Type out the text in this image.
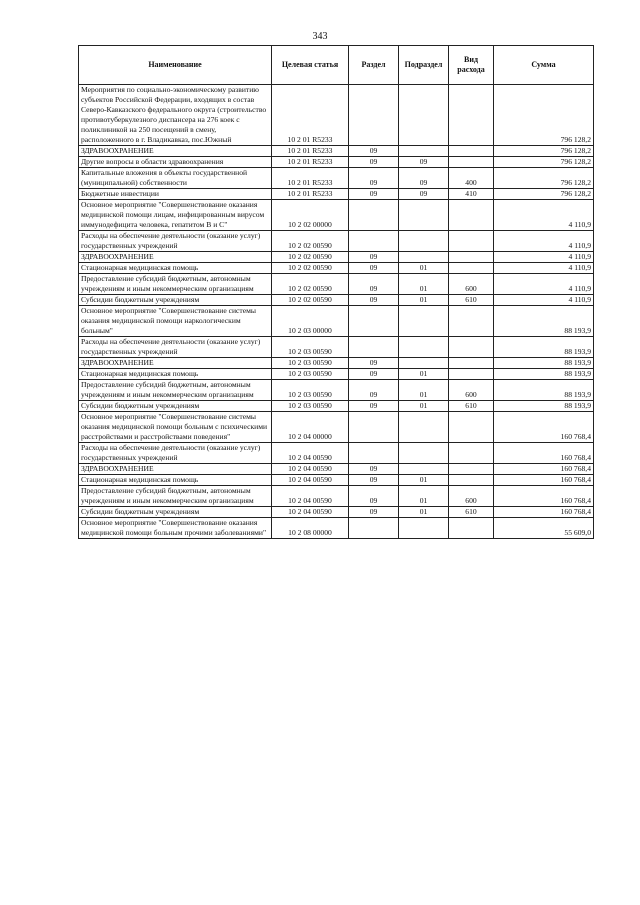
343
Наименование	Целевая статья	Раздел	Подраздел	Вид расхода	Сумма
Мероприятия по социально-экономическому развитию субъектов Российской Федерации, входящих в состав Северо-Кавказского федерального округа (строительство противотуберкулезного диспансера на 276 коек с поликлиникой на 250 посещений в смену, расположенного в г. Владикавказ, пос.Южный	10 2 01 R5233				796 128,2
ЗДРАВООХРАНЕНИЕ	10 2 01 R5233	09			796 128,2
Другие вопросы в области здравоохранения	10 2 01 R5233	09	09		796 128,2
Капитальные вложения в объекты государственной (муниципальной) собственности	10 2 01 R5233	09	09	400	796 128,2
Бюджетные инвестиции	10 2 01 R5233	09	09	410	796 128,2
Основное мероприятие "Совершенствование оказания медицинской помощи лицам, инфицированным вирусом иммунодефицита человека, гепатитом В и С"	10 2 02 00000				4 110,9
Расходы на обеспечение деятельности (оказание услуг) государственных учреждений	10 2 02 00590				4 110,9
ЗДРАВООХРАНЕНИЕ	10 2 02 00590	09			4 110,9
Стационарная медицинская помощь	10 2 02 00590	09	01		4 110,9
Предоставление субсидий бюджетным, автономным учреждениям и иным некоммерческим организациям	10 2 02 00590	09	01	600	4 110,9
Субсидии бюджетным учреждениям	10 2 02 00590	09	01	610	4 110,9
Основное мероприятие "Совершенствование системы оказания медицинской помощи наркологическим больным"	10 2 03 00000				88 193,9
Расходы на обеспечение деятельности (оказание услуг) государственных учреждений	10 2 03 00590				88 193,9
ЗДРАВООХРАНЕНИЕ	10 2 03 00590	09			88 193,9
Стационарная медицинская помощь	10 2 03 00590	09	01		88 193,9
Предоставление субсидий бюджетным, автономным учреждениям и иным некоммерческим организациям	10 2 03 00590	09	01	600	88 193,9
Субсидии бюджетным учреждениям	10 2 03 00590	09	01	610	88 193,9
Основное мероприятие "Совершенствование системы оказания медицинской помощи больным с психическими расстройствами и расстройствами поведения"	10 2 04 00000				160 768,4
Расходы на обеспечение деятельности (оказание услуг) государственных учреждений	10 2 04 00590				160 768,4
ЗДРАВООХРАНЕНИЕ	10 2 04 00590	09			160 768,4
Стационарная медицинская помощь	10 2 04 00590	09	01		160 768,4
Предоставление субсидий бюджетным, автономным учреждениям и иным некоммерческим организациям	10 2 04 00590	09	01	600	160 768,4
Субсидии бюджетным учреждениям	10 2 04 00590	09	01	610	160 768,4
Основное мероприятие "Совершенствование оказания медицинской помощи больным прочими заболеваниями"	10 2 08 00000				55 609,0
